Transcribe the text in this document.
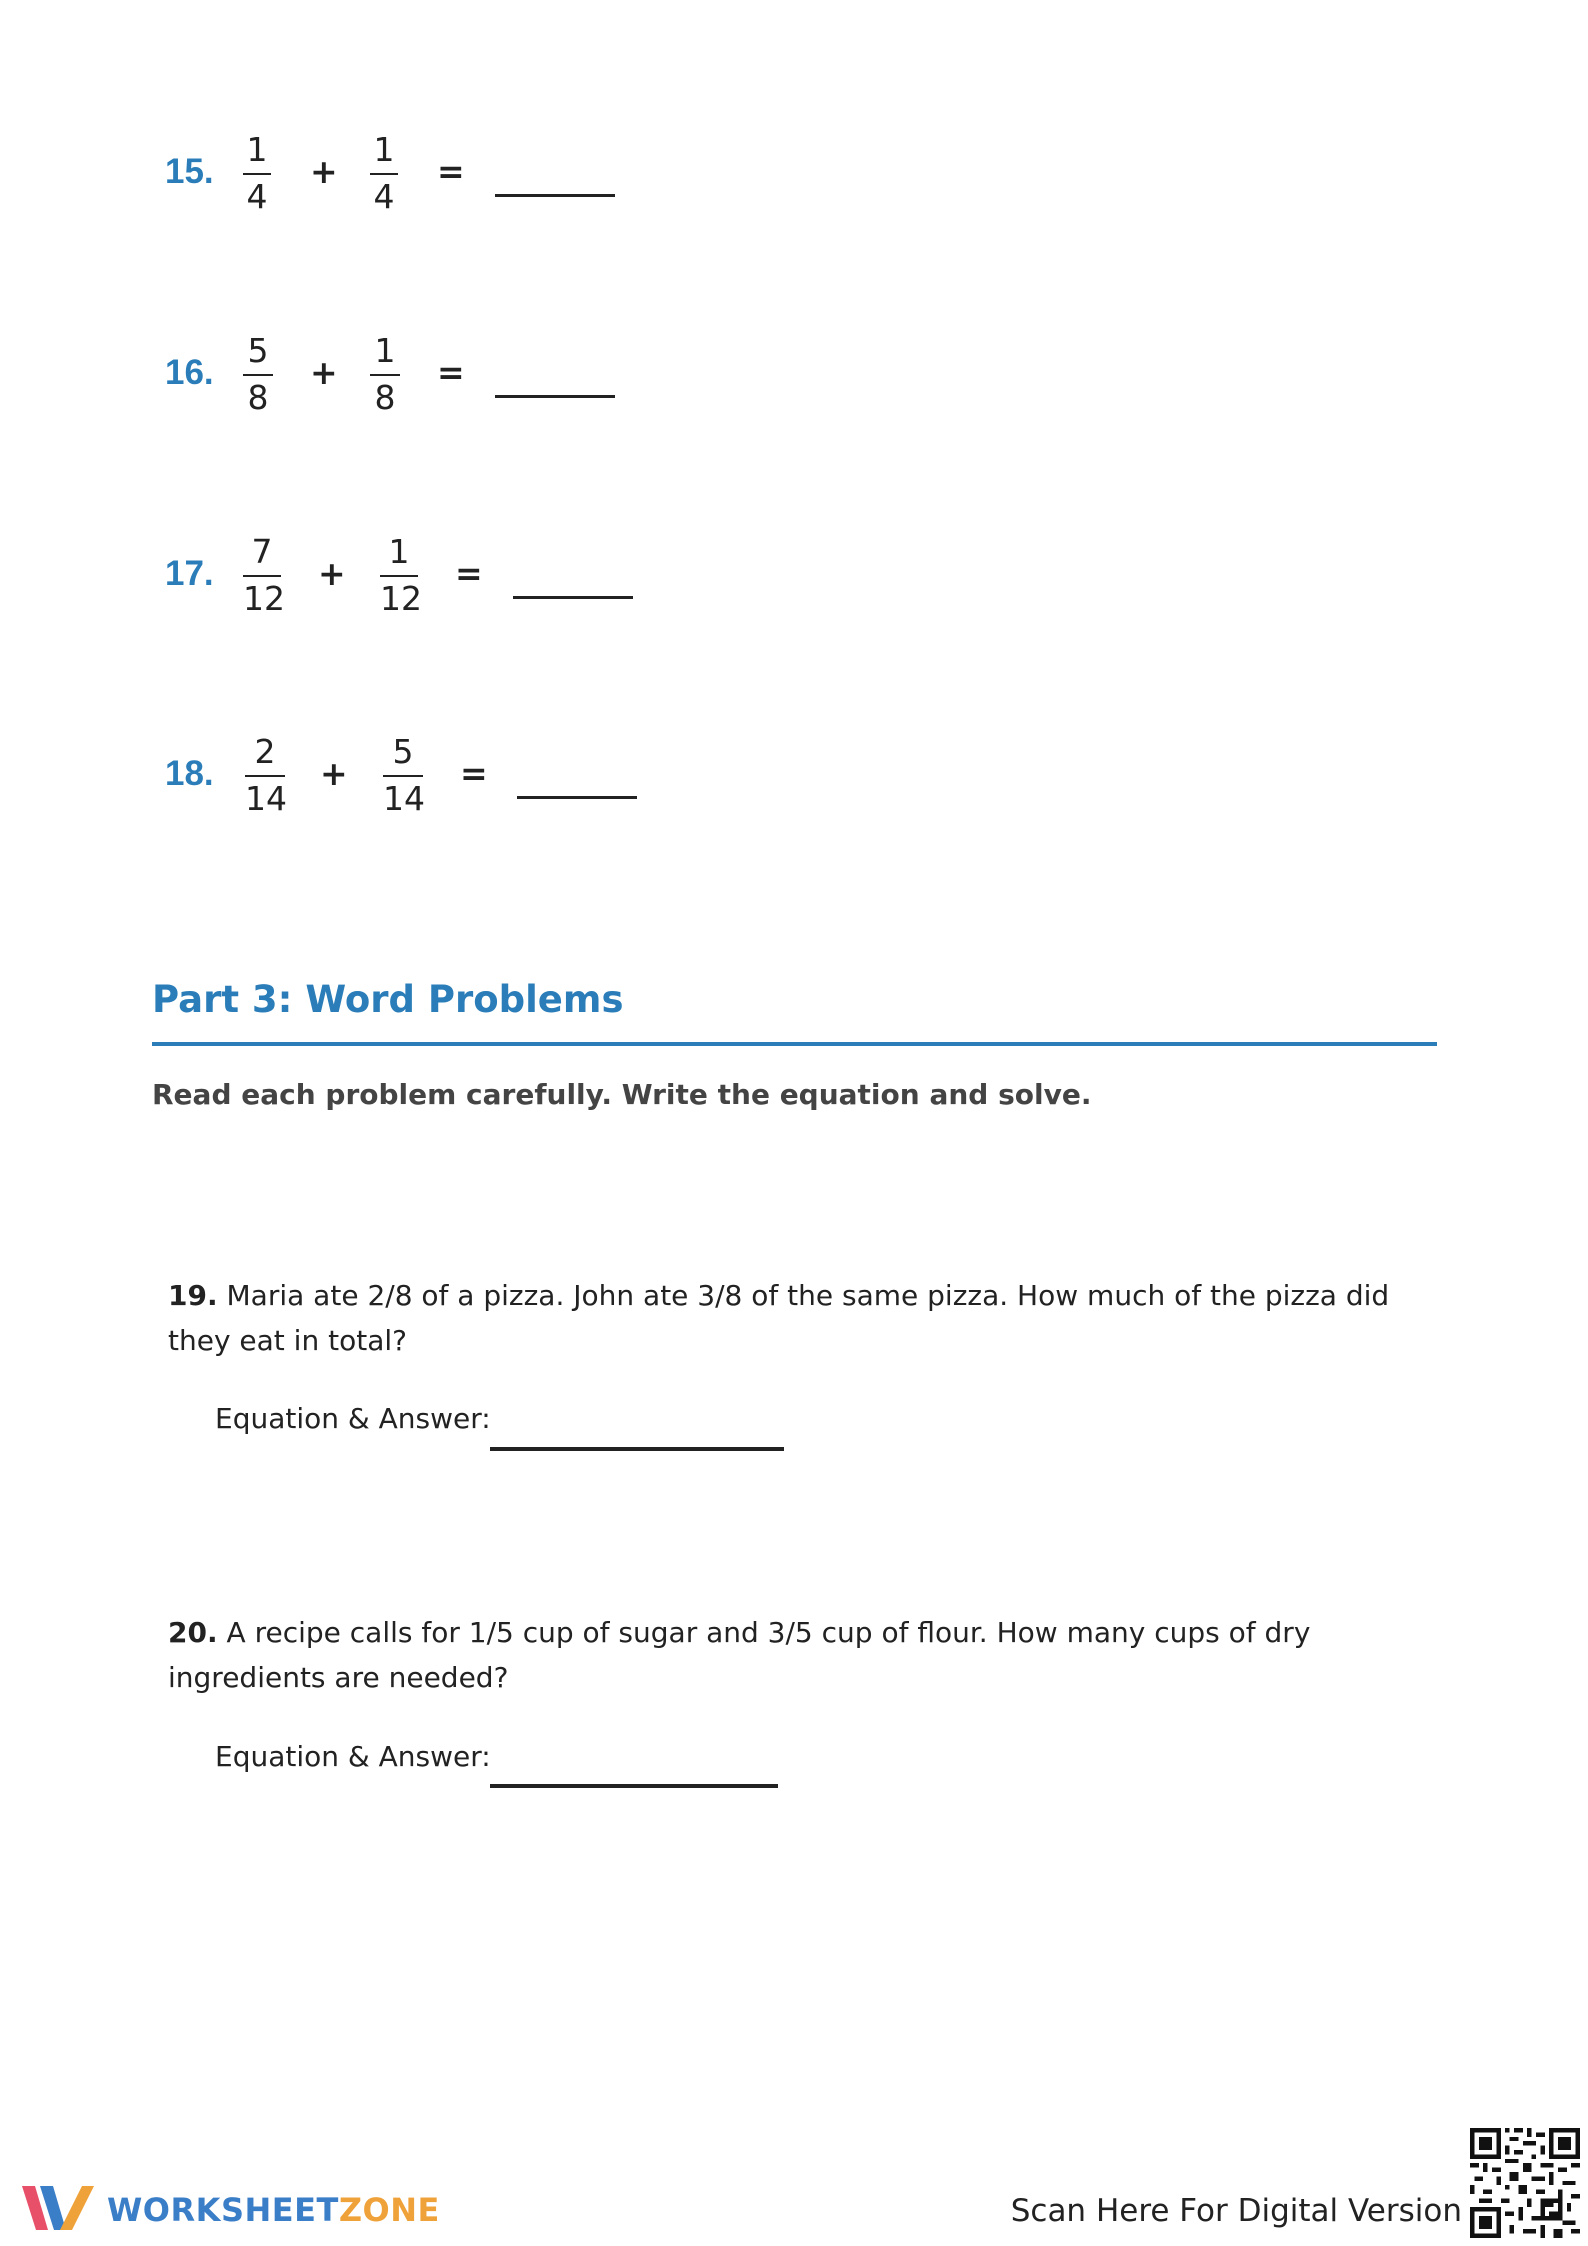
15.
1
4
+
1
4
=
16.
5
8
+
1
8
=
17.
7
12
+
1
12
=
18.
2
14
+
5
14
=
Part 3: Word Problems
Read each problem carefully. Write the equation and solve.
19. Maria ate 2/8 of a pizza. John ate 3/8 of the same pizza. How much of the pizza did they eat in total?
Equation & Answer:
20. A recipe calls for 1/5 cup of sugar and 3/5 cup of flour. How many cups of dry ingredients are needed?
Equation & Answer:
WORKSHEETZONE	Scan Here For Digital Version
